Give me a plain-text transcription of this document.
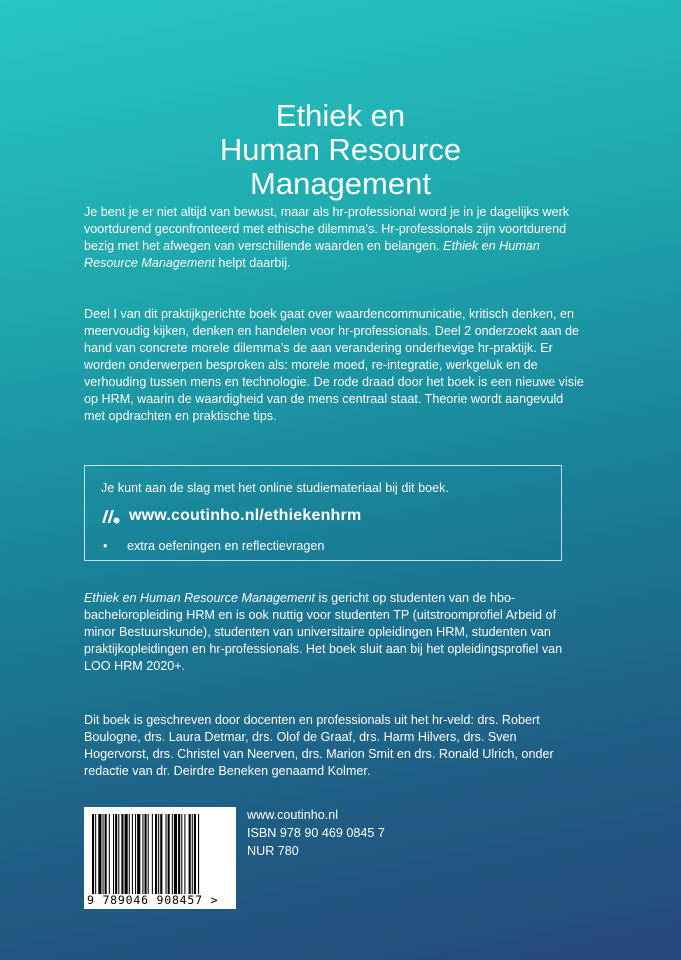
Ethiek en
Human Resource
Management

Je bent je er niet altijd van bewust, maar als hr-professional word je in je dagelijks werk voortdurend geconfronteerd met ethische dilemma’s. Hr-professionals zijn voortdurend bezig met het afwegen van verschillende waarden en belangen. Ethiek en Human Resource Management helpt daarbij.

Deel I van dit praktijkgerichte boek gaat over waardencommunicatie, kritisch denken, en meervoudig kijken, denken en handelen voor hr-professionals. Deel 2 onderzoekt aan de hand van concrete morele dilemma’s de aan verandering onderhevige hr-praktijk. Er worden onderwerpen besproken als: morele moed, re-integratie, werkgeluk en de verhouding tussen mens en technologie. De rode draad door het boek is een nieuwe visie op HRM, waarin de waardigheid van de mens centraal staat. Theorie wordt aangevuld met opdrachten en praktische tips.

Je kunt aan de slag met het online studiemateriaal bij dit boek.
www.coutinho.nl/ethiekenhrm
•	extra oefeningen en reflectievragen

Ethiek en Human Resource Management is gericht op studenten van de hbo-bacheloropleiding HRM en is ook nuttig voor studenten TP (uitstroomprofiel Arbeid of minor Bestuurskunde), studenten van universitaire opleidingen HRM, studenten van praktijkopleidingen en hr-professionals. Het boek sluit aan bij het opleidingsprofiel van LOO HRM 2020+.

Dit boek is geschreven door docenten en professionals uit het hr-veld: drs. Robert Boulogne, drs. Laura Detmar, drs. Olof de Graaf, drs. Harm Hilvers, drs. Sven Hogervorst, drs. Christel van Neerven, drs. Marion Smit en drs. Ronald Ulrich, onder redactie van dr. Deirdre Beneken genaamd Kolmer.

9 789046 908457 >
www.coutinho.nl
ISBN 978 90 469 0845 7
NUR 780
